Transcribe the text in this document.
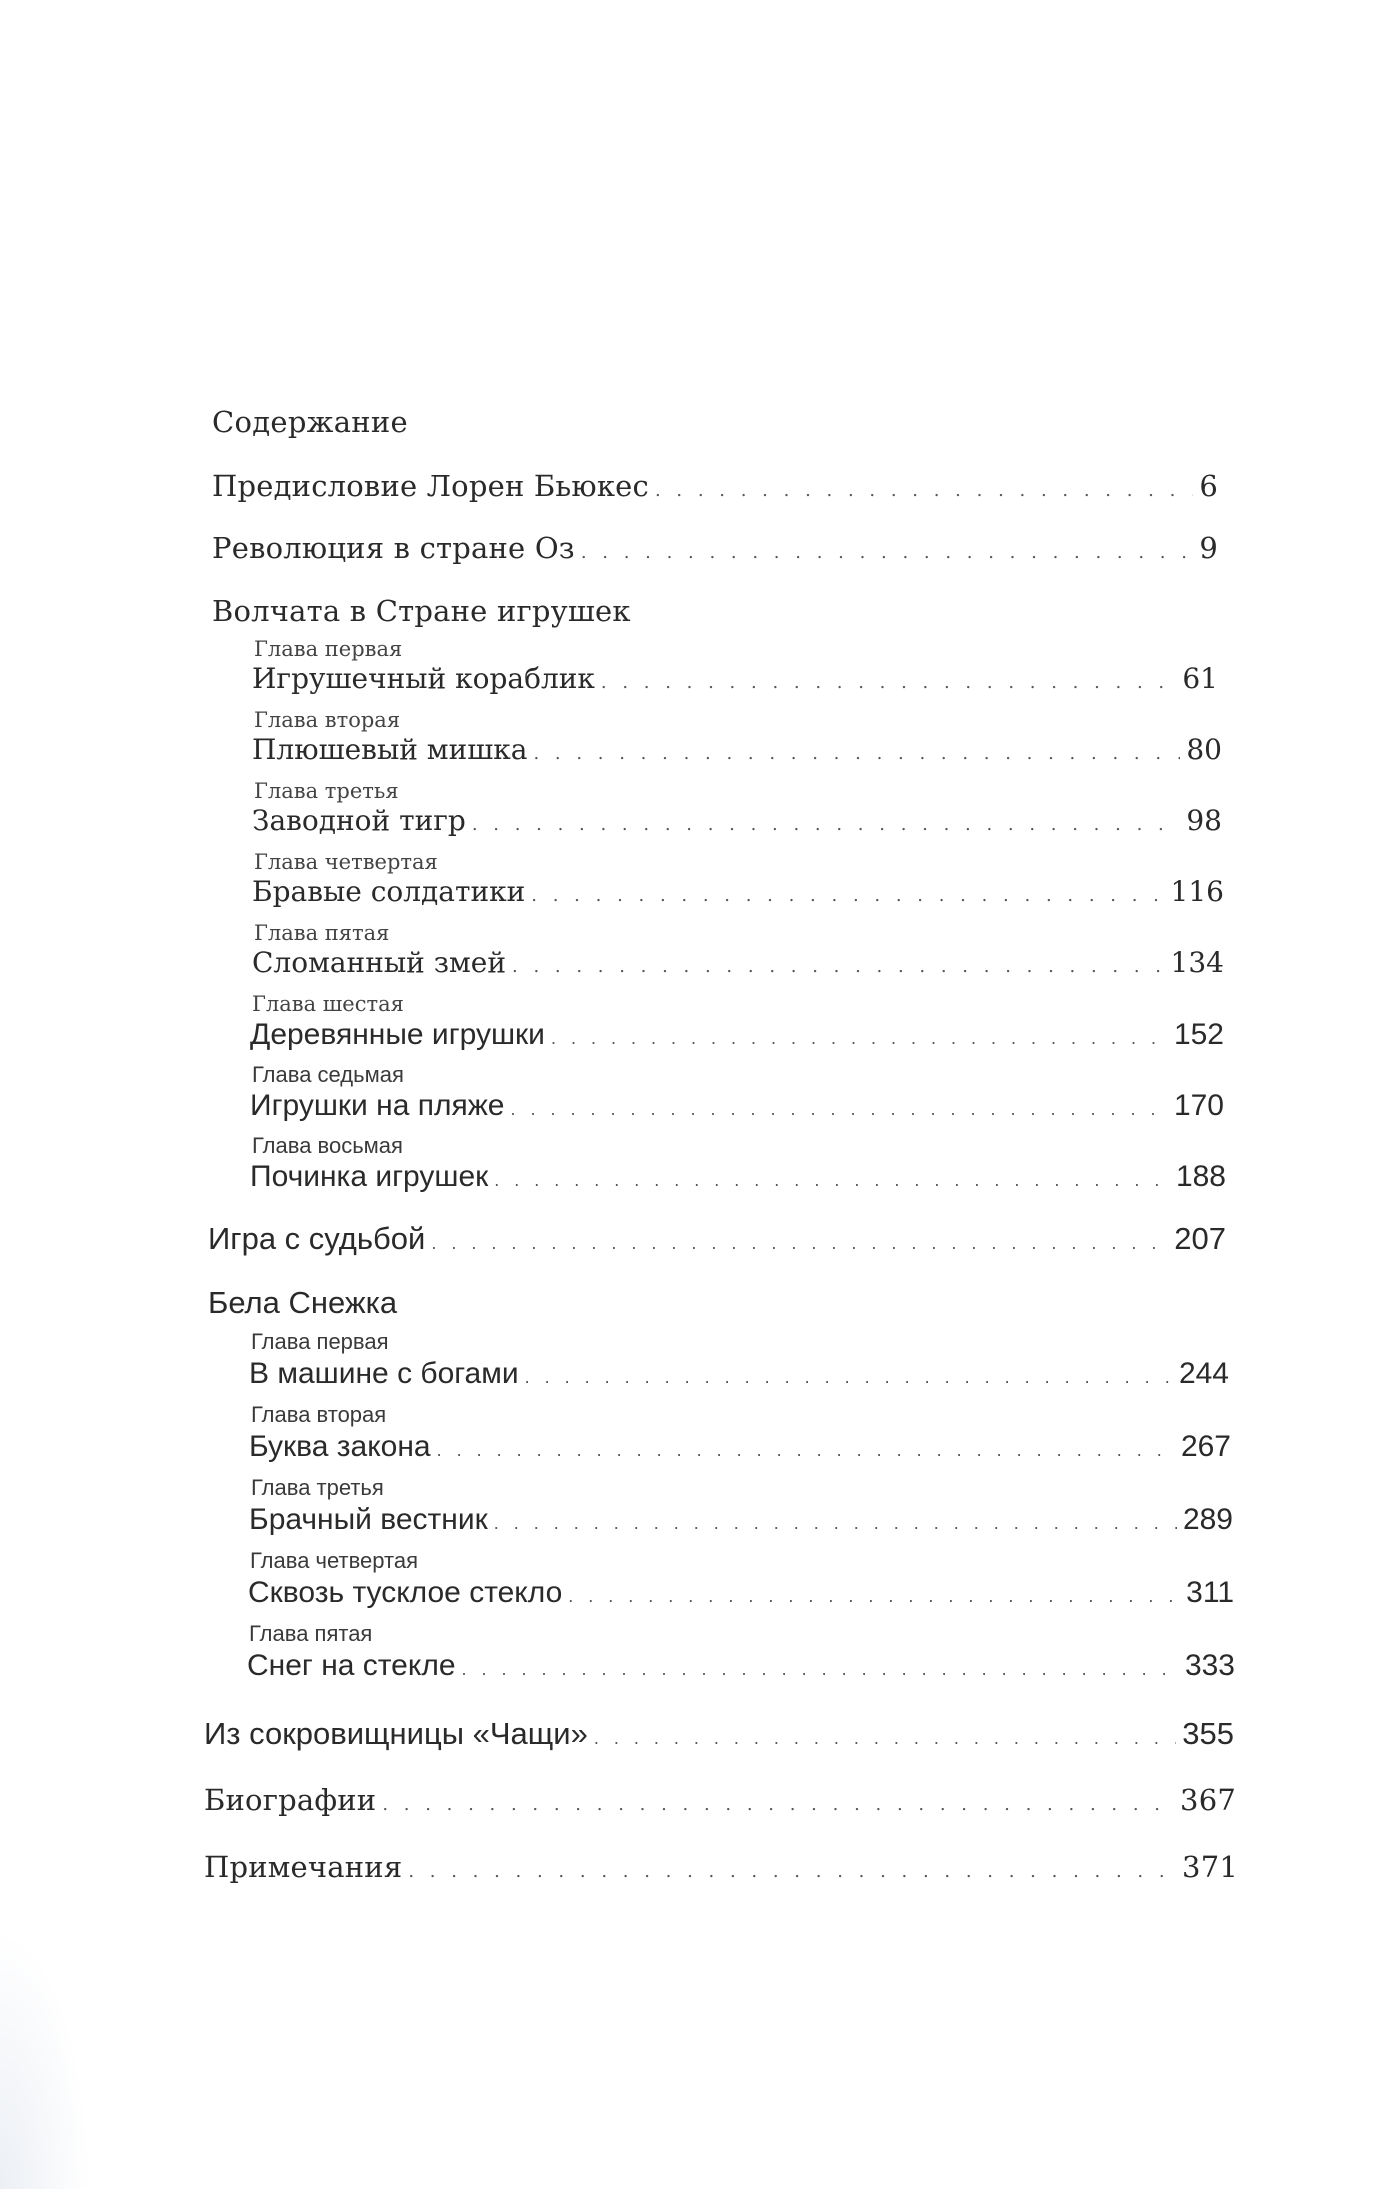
Содержание
Предисловие Лорен Бьюкес . . .	6
Революция в стране Оз . . .	9
Волчата в Стране игрушек
Глава первая
Игрушечный кораблик . . .	61
Глава вторая
Плюшевый мишка . . .	80
Глава третья
Заводной тигр . . .	98
Глава четвертая
Бравые солдатики . . .	116
Глава пятая
Сломанный змей . . .	134
Глава шестая
Деревянные игрушки . . .	152
Глава седьмая
Игрушки на пляже . . .	170
Глава восьмая
Починка игрушек . . .	188
Игра с судьбой . . .	207
Бела Снежка
Глава первая
В машине с богами . . .	244
Глава вторая
Буква закона . . .	267
Глава третья
Брачный вестник . . .	289
Глава четвертая
Сквозь тусклое стекло . . .	311
Глава пятая
Снег на стекле . . .	333
Из сокровищницы «Чащи» . . .	355
Биографии . . .	367
Примечания . . .	371
